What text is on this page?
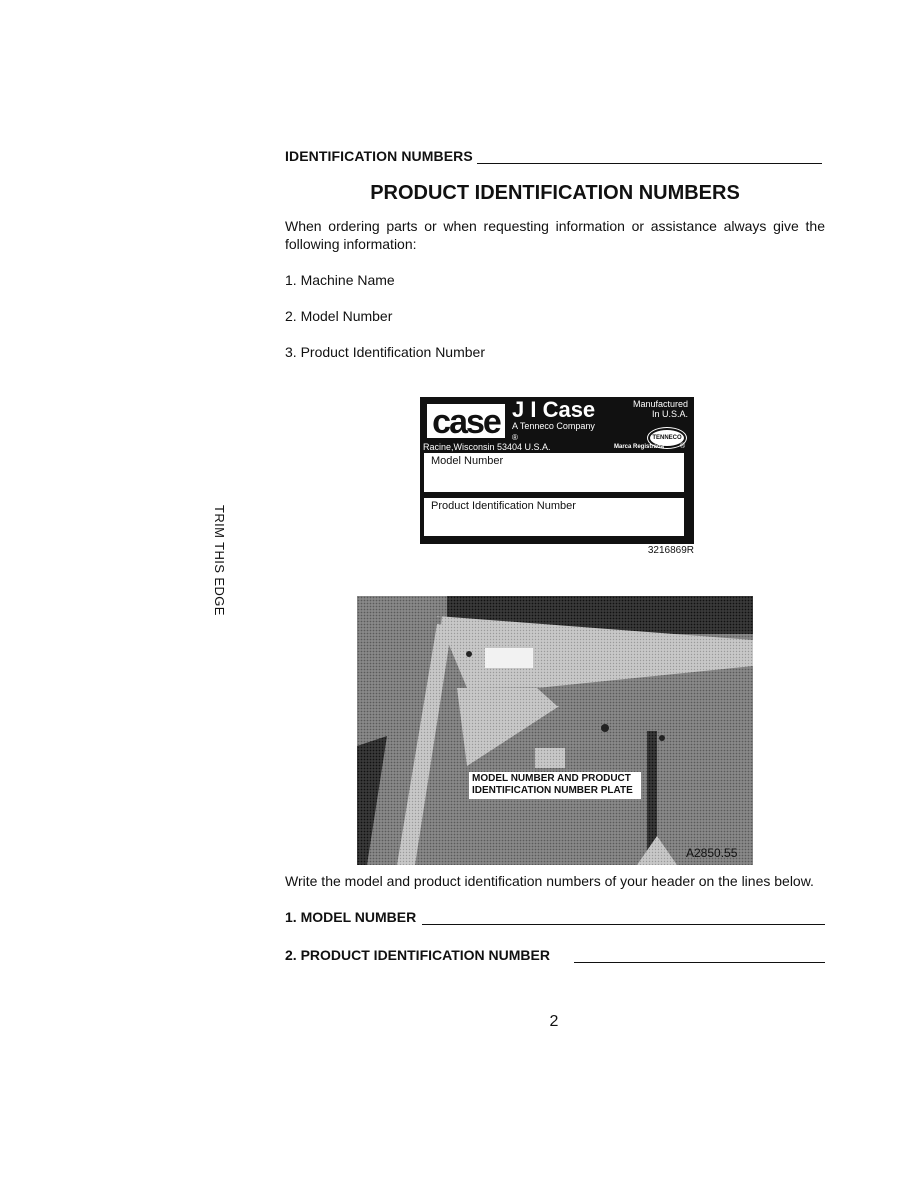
IDENTIFICATION NUMBERS
PRODUCT IDENTIFICATION NUMBERS
When ordering parts or when requesting information or assistance always give the following information:
1. Machine Name
2. Model Number
3. Product Identification Number
TRIM THIS EDGE
case J I Case
A Tenneco Company
®
Manufactured
In U.S.A.
TENNECO
Racine,Wisconsin 53404 U.S.A.	Marca Registrada ®
Model Number
Product Identification Number
3216869R
MODEL NUMBER AND PRODUCT
IDENTIFICATION NUMBER PLATE
A2850.55
Write the model and product identification numbers of your header on the lines below.
1. MODEL NUMBER
2. PRODUCT IDENTIFICATION NUMBER
2
